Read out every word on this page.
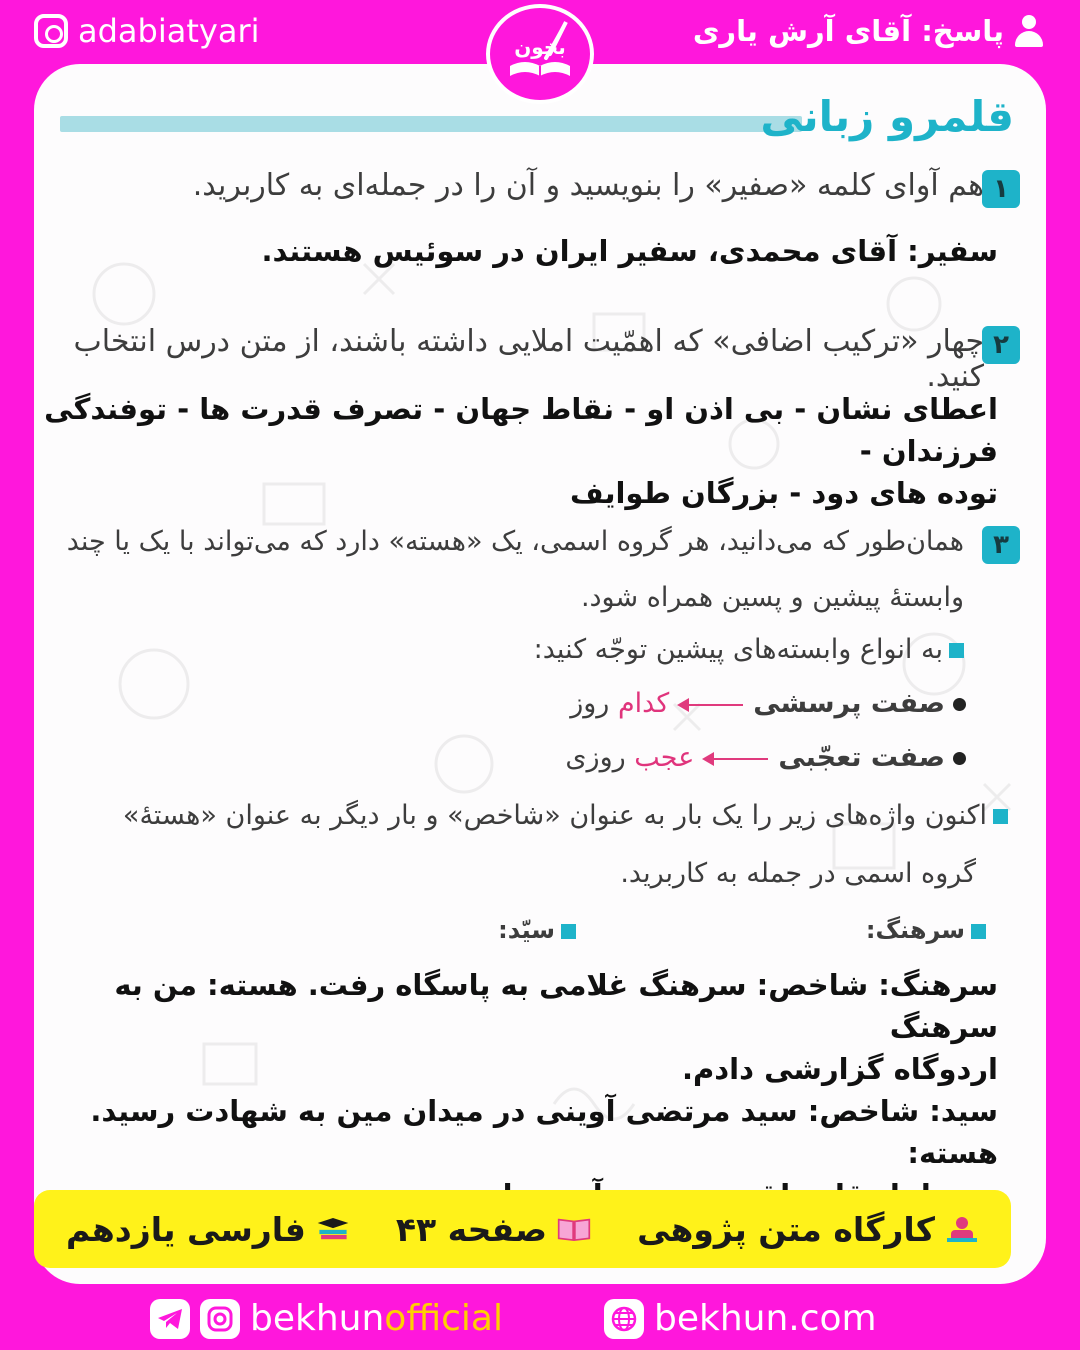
adabiatyari	پاسخ: آقای آرش یاری
بخون
قلمرو زبانی
۱
هم آوای کلمه «صفیر» را بنویسید و آن را در جمله‌ای به کاربرید.
سفیر: آقای محمدی، سفیر ایران در سوئیس هستند.
۲
چهار «ترکیب اضافی» که اهمّیت املایی داشته باشند، از متن درس انتخاب کنید.
اعطای نشان - بی اذن او - نقاط جهان - تصرف قدرت ها - توفندگی فرزندان -
توده های دود - بزرگان طوایف
۳
همان‌طور که می‌دانید، هر گروه اسمی، یک «هسته» دارد که می‌تواند با یک یا چند
وابستهٔ پیشین و پسین همراه شود.
به انواع وابسته‌های پیشین توجّه کنید:
صفت پرسشیکدام روز
صفت تعجّبیعجب روزی
اکنون واژه‌های زیر را یک بار به عنوان «شاخص» و بار دیگر به عنوان «هستهٔ»
گروه اسمی در جمله به کاربرید.
سرهنگ:
سیّد:
سرهنگ: شاخص: سرهنگ غلامی به پاسگاه رفت. هسته: من به سرهنگ
اردوگاه گزارشی دادم.
سید: شاخص: سید مرتضی آوینی در میدان مین به شهادت رسید. هسته:
کارگاه متن پژوهی
صفحه ۴۳
فارسی یازدهم
bekhunofficial	bekhun.com
